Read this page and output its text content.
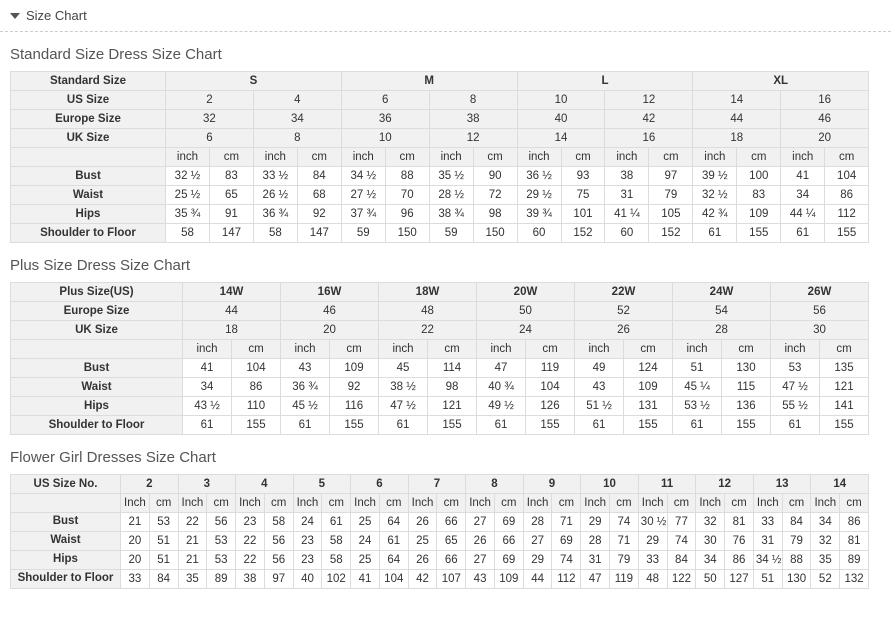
Size Chart
Standard Size Dress Size Chart
Standard Size	S				M				L				XL			
US Size	2		4		6		8		10		12		14		16	
Europe Size	32		34		36		38		40		42		44		46	
UK Size	6		8		10		12		14		16		18		20	
	inch	cm	inch	cm	inch	cm	inch	cm	inch	cm	inch	cm	inch	cm	inch	cm
Bust	32 ½	83	33 ½	84	34 ½	88	35 ½	90	36 ½	93	38	97	39 ½	100	41	104
Waist	25 ½	65	26 ½	68	27 ½	70	28 ½	72	29 ½	75	31	79	32 ½	83	34	86
Hips	35 ¾	91	36 ¾	92	37 ¾	96	38 ¾	98	39 ¾	101	41 ¼	105	42 ¾	109	44 ¼	112
Shoulder to Floor	58	147	58	147	59	150	59	150	60	152	60	152	61	155	61	155
Plus Size Dress Size Chart
Plus Size(US)	14W		16W		18W		20W		22W		24W		26W	
Europe Size	44		46		48		50		52		54		56	
UK Size	18		20		22		24		26		28		30	
	inch	cm	inch	cm	inch	cm	inch	cm	inch	cm	inch	cm	inch	cm
Bust	41	104	43	109	45	114	47	119	49	124	51	130	53	135
Waist	34	86	36 ¾	92	38 ½	98	40 ¾	104	43	109	45 ¼	115	47 ½	121
Hips	43 ½	110	45 ½	116	47 ½	121	49 ½	126	51 ½	131	53 ½	136	55 ½	141
Shoulder to Floor	61	155	61	155	61	155	61	155	61	155	61	155	61	155
Flower Girl Dresses Size Chart
US Size No.	2		3		4		5		6		7		8		9		10		11		12		13		14	
	Inch	cm	Inch	cm	Inch	cm	Inch	cm	Inch	cm	Inch	cm	Inch	cm	Inch	cm	Inch	cm	Inch	cm	Inch	cm	Inch	cm	Inch	cm
Bust	21	53	22	56	23	58	24	61	25	64	26	66	27	69	28	71	29	74	30 ½	77	32	81	33	84	34	86
Waist	20	51	21	53	22	56	23	58	24	61	25	65	26	66	27	69	28	71	29	74	30	76	31	79	32	81
Hips	20	51	21	53	22	56	23	58	25	64	26	66	27	69	29	74	31	79	33	84	34	86	34 ½	88	35	89
Shoulder to Floor	33	84	35	89	38	97	40	102	41	104	42	107	43	109	44	112	47	119	48	122	50	127	51	130	52	132
